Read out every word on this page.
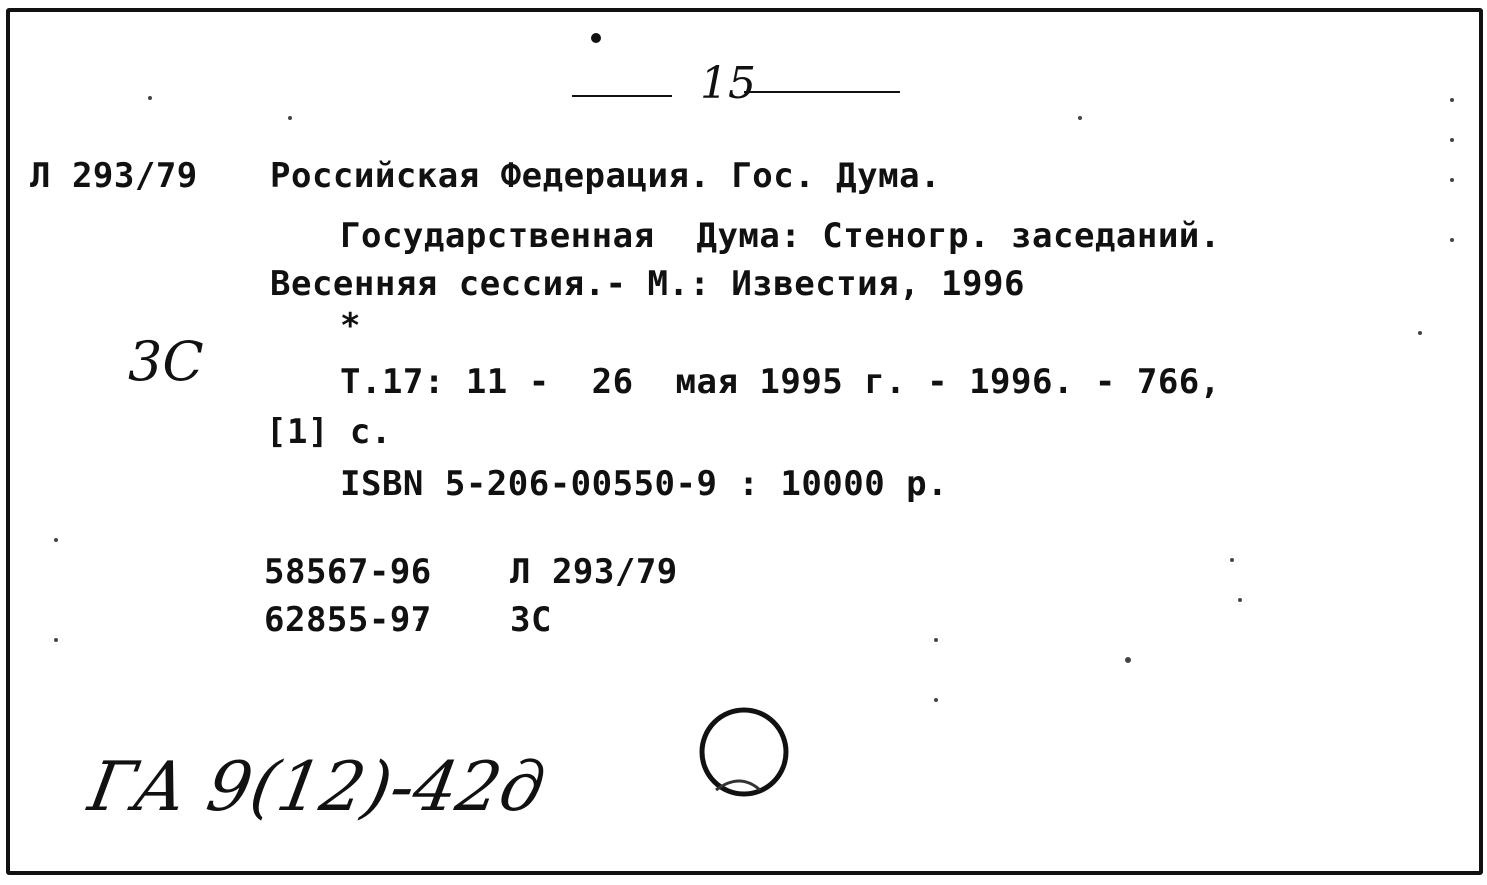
15
Л 293/79 Российская Федерация. Гос. Дума.
Государственная  Дума: Стеногр. заседаний.
Весенняя сессия.- М.: Известия, 1996
*
3С	Т.17: 11 -  26  мая 1995 г. - 1996. - 766,
[1] с.
ISBN 5-206-00550-9 : 10000 р.
58567-96 Л 293/79
62855-97 3С
ГА 9(12)-42д
